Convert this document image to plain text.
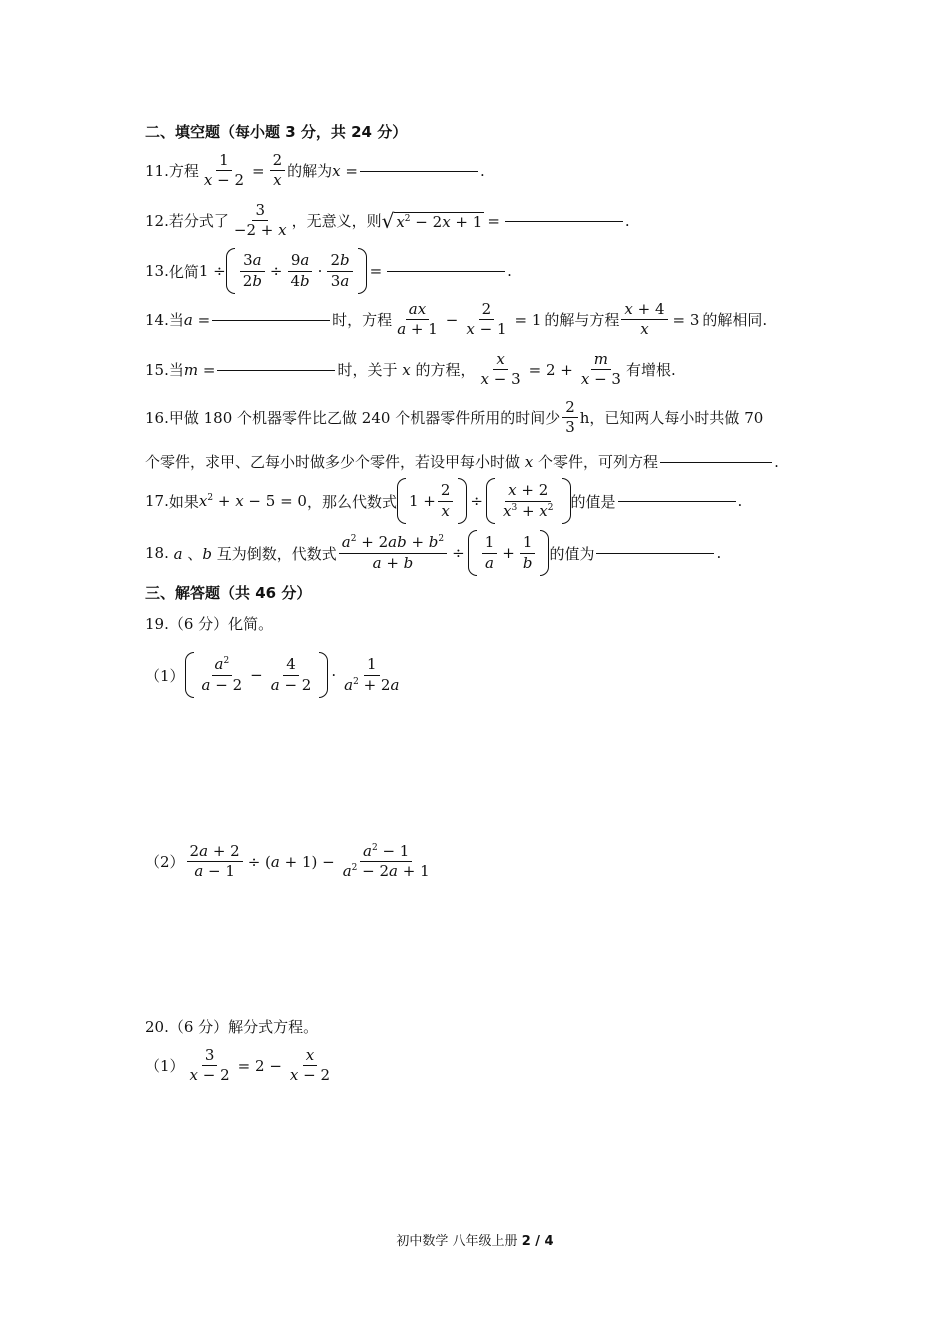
二、填空题（每小题 3 分，共 24 分）
11. 方程 $\frac{1}{x - 2} = \frac{2}{x}$ 的解为 x =	.
12. 若分式了
3
−2 + x ，无意义，则 √ $x^2 - 2x + 1$ =	.
13. 化简 $1 \div \frac{3a}{2b} \div \frac{9a}{4b}$ ·
2b
3a
=	.
14. 当 a =	时，方程
ax
a + 1
− $\frac{2}{x - 1} = 1$ 的解与方程 $\frac{x + 4}{x} = 3$ 的解相同.
15. 当 m =	时，关于 x 的方程， $\frac{x}{x - 3} = 2 + \frac{m}{x - 3}$ 有增根.
16. 甲做 180 个机器零件比乙做 240 个机器零件所用的时间少
2
3
h ，已知两人每小时共做 70
个零件，求甲、乙每小时做多少个零件，若设甲每小时做 x 个零件，可列方程	.
17. 如果 $x^2 + x - 5 = 0$ ，那么代数式 $1 + \frac{2}{x}$ ÷
x + 2
$x^3 + x^2$ 的值是	.
18. a 、b 互为倒数，代数式 $\frac{a^2 + 2ab + b^2}{a + b}$ ÷
1
a
+ $\frac{1}{b}$ 的值为	.
三、解答题（共 46 分）
19.（6 分）化简。
（1）
$a^2$
a − 2
− $\frac{4}{a - 2}$ ·
1
$a^2 + 2a$
$(2) \frac{2a + 2}{a - 1} \div (a + 1) - \frac{a^2 - 1}{a^2 - 2a + 1}$
20.（6 分）解分式方程。
$(1) \frac{3}{x - 2} = 2 - \frac{x}{x - 2}$
初中数学 八年级上册 2 / 4
